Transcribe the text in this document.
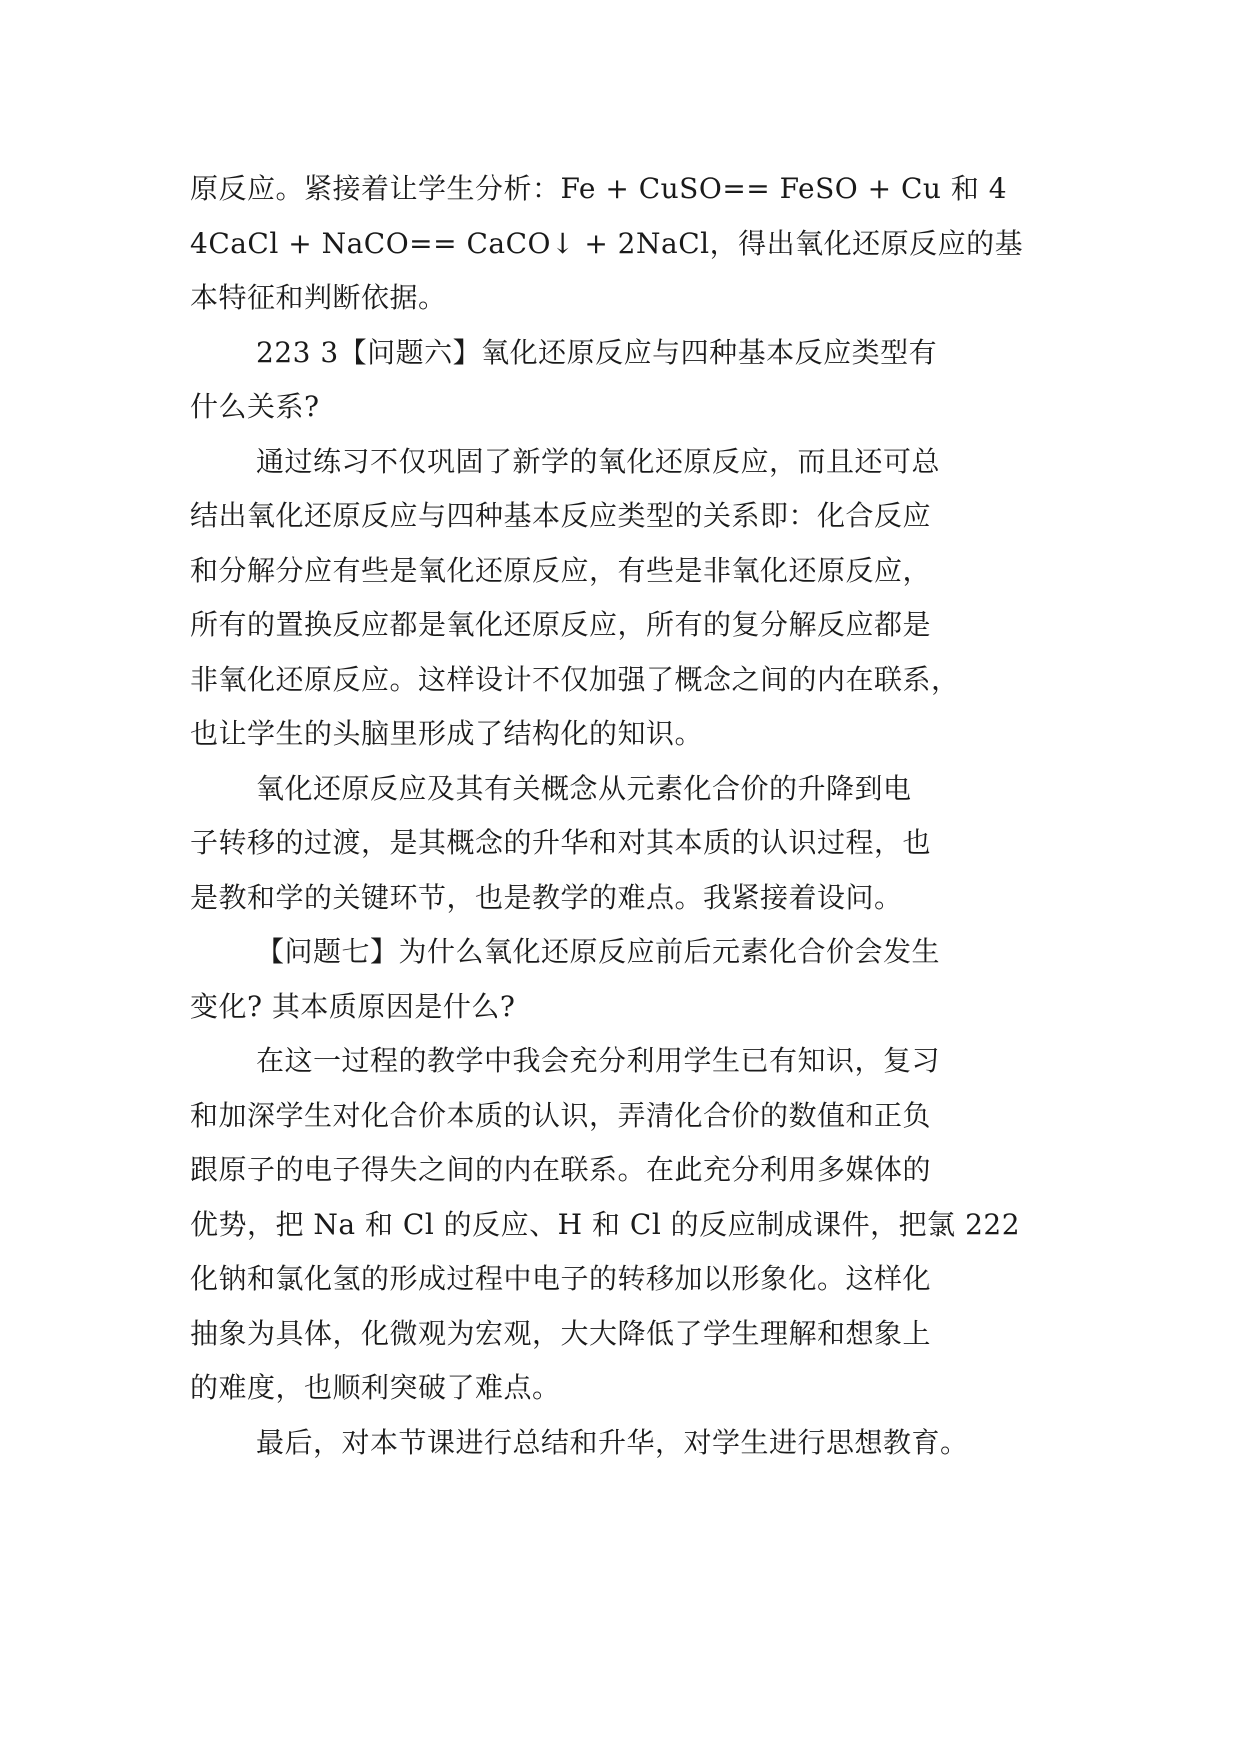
原反应。紧接着让学生分析：Fe + CuSO== FeSO + Cu 和 4
4CaCl + NaCO== CaCO↓ + 2NaCl，得出氧化还原反应的基
本特征和判断依据。
223 3【问题六】氧化还原反应与四种基本反应类型有
什么关系?
通过练习不仅巩固了新学的氧化还原反应，而且还可总
结出氧化还原反应与四种基本反应类型的关系即：化合反应
和分解分应有些是氧化还原反应，有些是非氧化还原反应，
所有的置换反应都是氧化还原反应，所有的复分解反应都是
非氧化还原反应。这样设计不仅加强了概念之间的内在联系，
也让学生的头脑里形成了结构化的知识。
氧化还原反应及其有关概念从元素化合价的升降到电
子转移的过渡，是其概念的升华和对其本质的认识过程，也
是教和学的关键环节，也是教学的难点。我紧接着设问。
【问题七】为什么氧化还原反应前后元素化合价会发生
变化? 其本质原因是什么?
在这一过程的教学中我会充分利用学生已有知识，复习
和加深学生对化合价本质的认识，弄清化合价的数值和正负
跟原子的电子得失之间的内在联系。在此充分利用多媒体的
优势，把 Na 和 Cl 的反应、H 和 Cl 的反应制成课件，把氯 222
化钠和氯化氢的形成过程中电子的转移加以形象化。这样化
抽象为具体，化微观为宏观，大大降低了学生理解和想象上
的难度，也顺利突破了难点。
最后，对本节课进行总结和升华，对学生进行思想教育。
